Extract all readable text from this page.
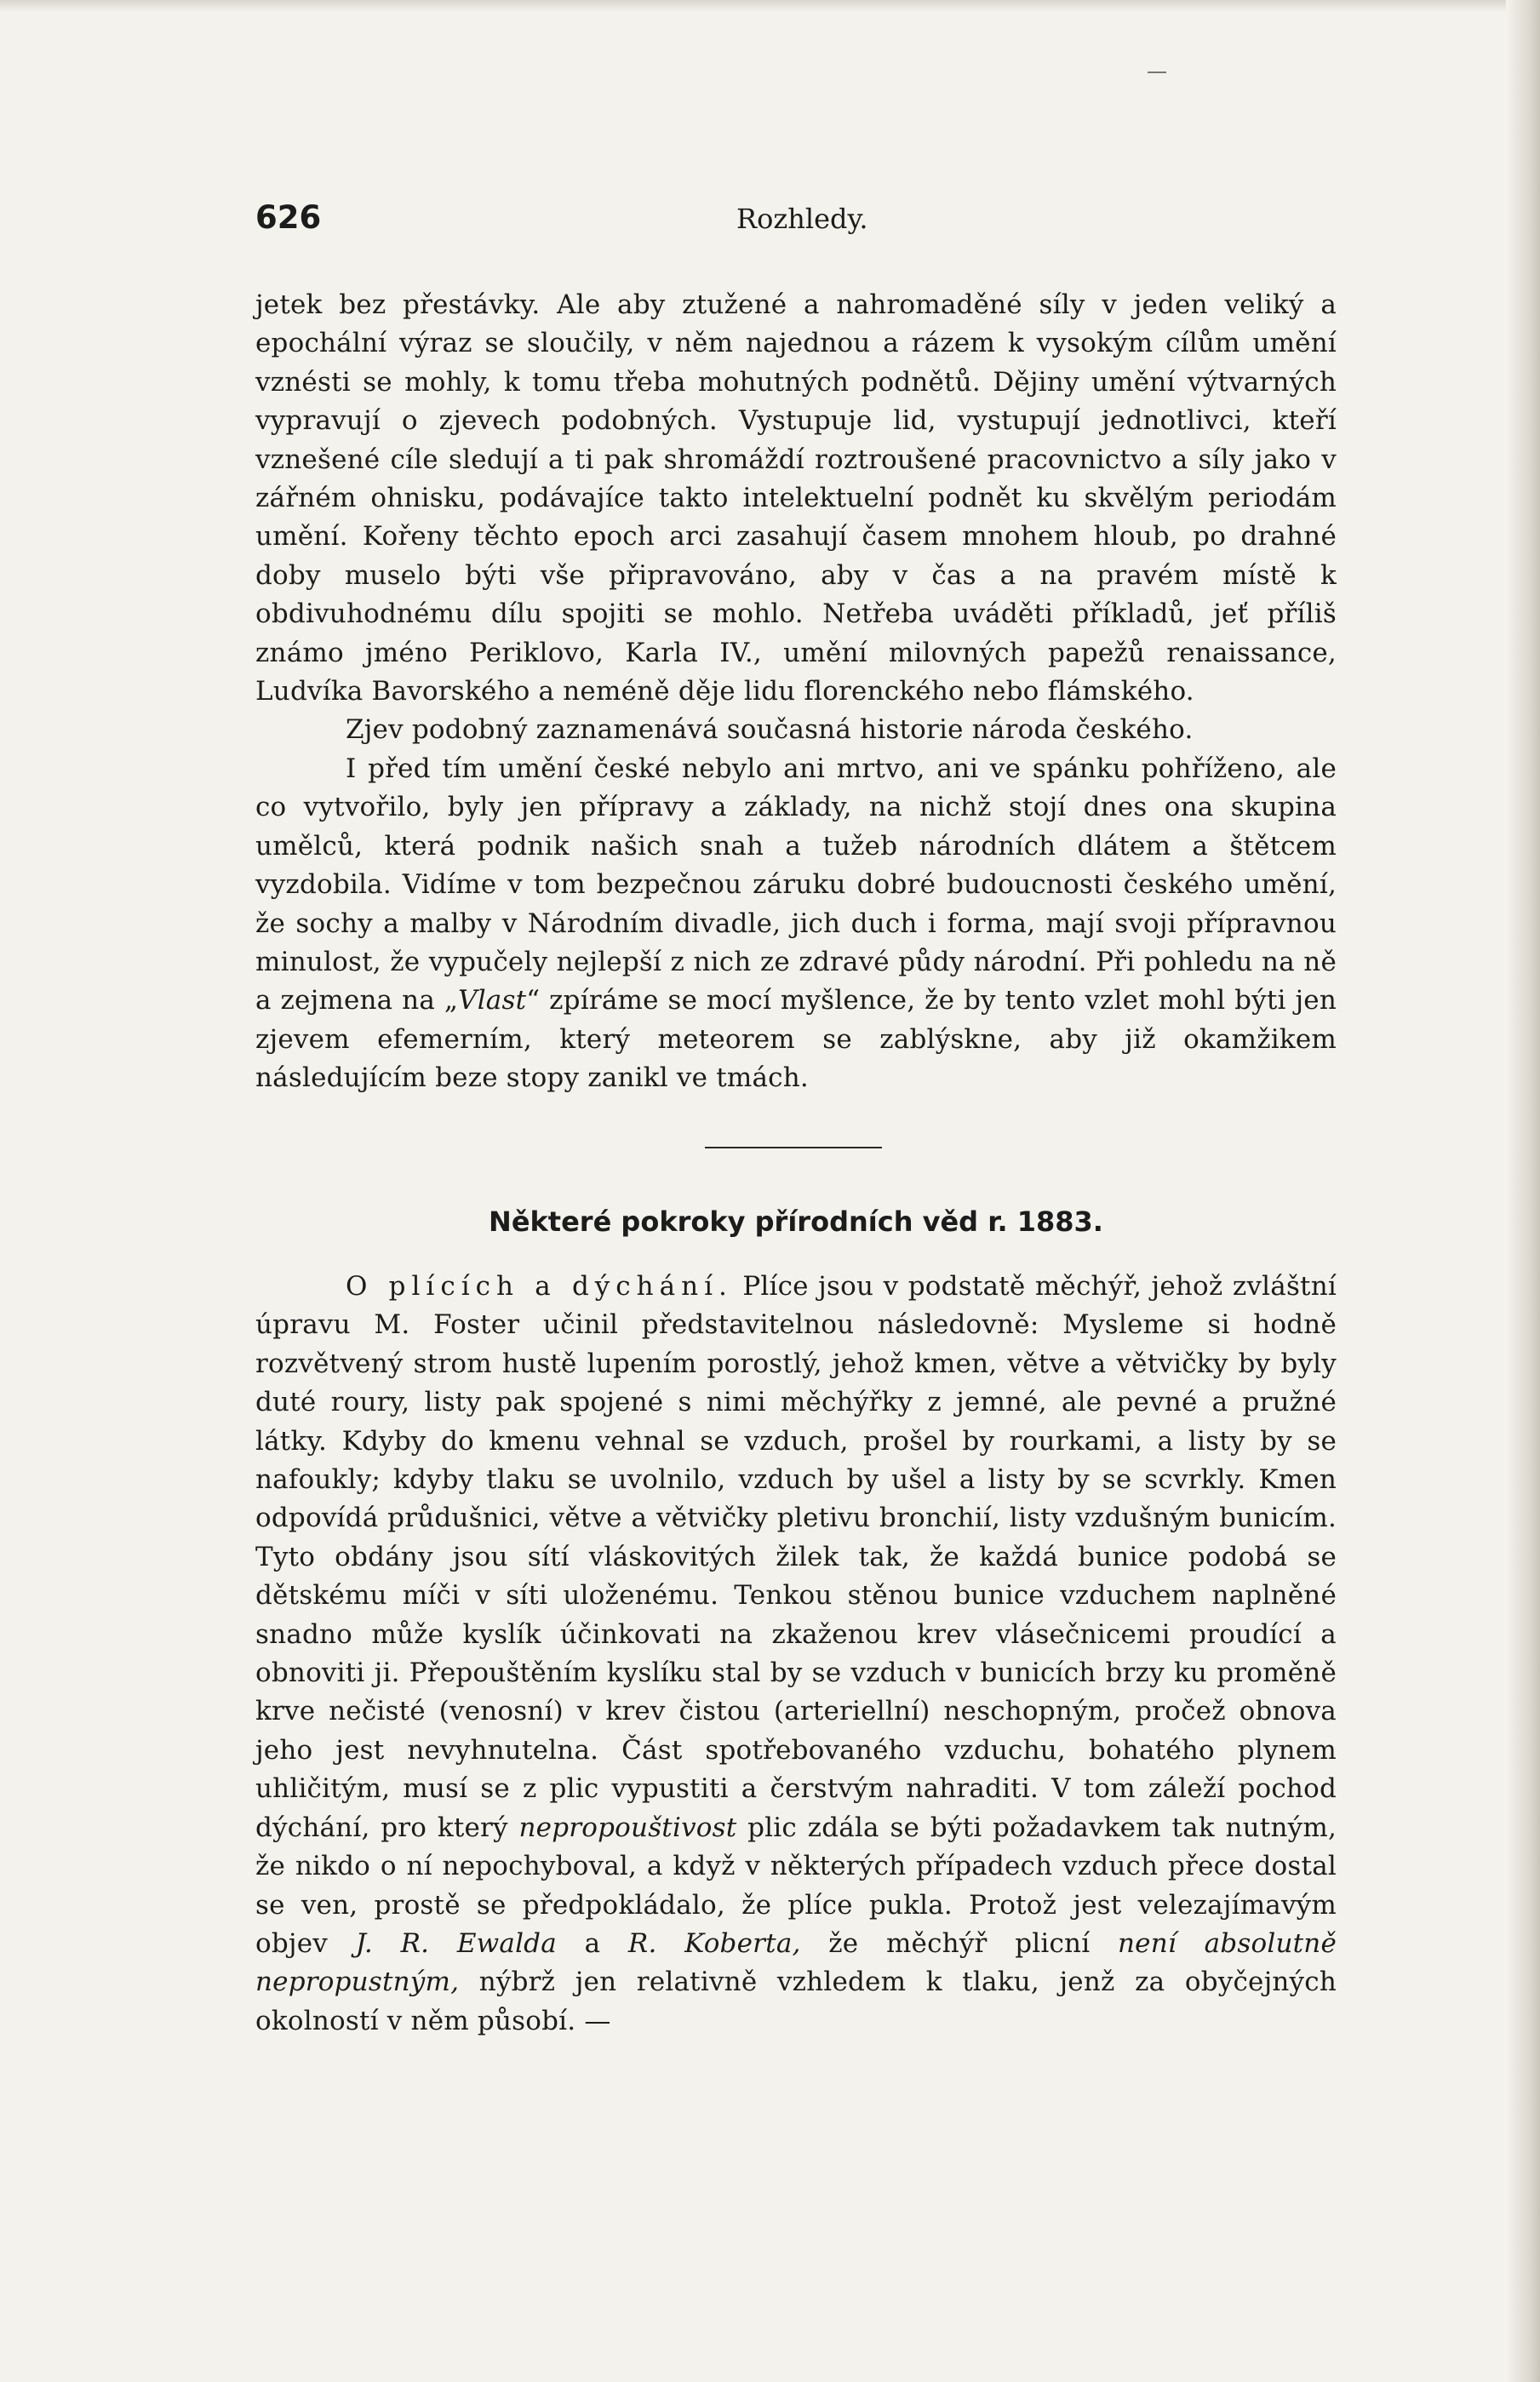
626	Rozhledy.

jetek bez přestávky. Ale aby ztužené a nahromaděné síly v jeden veliký a epochální výraz se sloučily, v něm najednou a rázem k vysokým cílům umění vznésti se mohly, k tomu třeba mohutných podnětů. Dějiny umění výtvarných vypravují o zjevech podobných. Vystupuje lid, vystupují jednotlivci, kteří vznešené cíle sledují a ti pak shromáždí roztroušené pracovnictvo a síly jako v zářném ohnisku, podávajíce takto intelektuelní podnět ku skvělým periodám umění. Kořeny těchto epoch arci zasahují časem mnohem hloub, po drahné doby muselo býti vše připravováno, aby v čas a na pravém místě k obdivuhodnému dílu spojiti se mohlo. Netřeba uváděti příkladů, jeť příliš známo jméno Periklovo, Karla IV., umění milovných papežů renaissance, Ludvíka Bavorského a neméně děje lidu florenckého nebo flámského.

Zjev podobný zaznamenává současná historie národa českého.

I před tím umění české nebylo ani mrtvo, ani ve spánku pohříženo, ale co vytvořilo, byly jen přípravy a základy, na nichž stojí dnes ona skupina umělců, která podnik našich snah a tužeb národních dlátem a štětcem vyzdobila. Vidíme v tom bezpečnou záruku dobré budoucnosti českého umění, že sochy a malby v Národním divadle, jich duch i forma, mají svoji přípravnou minulost, že vypučely nejlepší z nich ze zdravé půdy národní. Při pohledu na ně a zejmena na „Vlast“ zpíráme se mocí myšlence, že by tento vzlet mohl býti jen zjevem efemerním, který meteorem se zablýskne, aby již okamžikem následujícím beze stopy zanikl ve tmách.

Některé pokroky přírodních věd r. 1883.

O plících a dýchání. Plíce jsou v podstatě měchýř, jehož zvláštní úpravu M. Foster učinil představitelnou následovně: Mysleme si hodně rozvětvený strom hustě lupením porostlý, jehož kmen, větve a větvičky by byly duté roury, listy pak spojené s nimi měchýřky z jemné, ale pevné a pružné látky. Kdyby do kmenu vehnal se vzduch, prošel by rourkami, a listy by se nafoukly; kdyby tlaku se uvolnilo, vzduch by ušel a listy by se scvrkly. Kmen odpovídá průdušnici, větve a větvičky pletivu bronchií, listy vzdušným bunicím. Tyto obdány jsou sítí vláskovitých žilek tak, že každá bunice podobá se dětskému míči v síti uloženému. Tenkou stěnou bunice vzduchem naplněné snadno může kyslík účinkovati na zkaženou krev vlásečnicemi proudící a obnoviti ji. Přepouštěním kyslíku stal by se vzduch v bunicích brzy ku proměně krve nečisté (venosní) v krev čistou (arteriellní) neschopným, pročež obnova jeho jest nevyhnutelna. Část spotřebovaného vzduchu, bohatého plynem uhličitým, musí se z plic vypustiti a čerstvým nahraditi. V tom záleží pochod dýchání, pro který nepropouštivost plic zdála se býti požadavkem tak nutným, že nikdo o ní nepochyboval, a když v některých případech vzduch přece dostal se ven, prostě se předpokládalo, že plíce pukla. Protož jest velezajímavým objev J. R. Ewalda a R. Koberta, že měchýř plicní není absolutně nepropustným, nýbrž jen relativně vzhledem k tlaku, jenž za obyčejných okolností v něm působí. —
